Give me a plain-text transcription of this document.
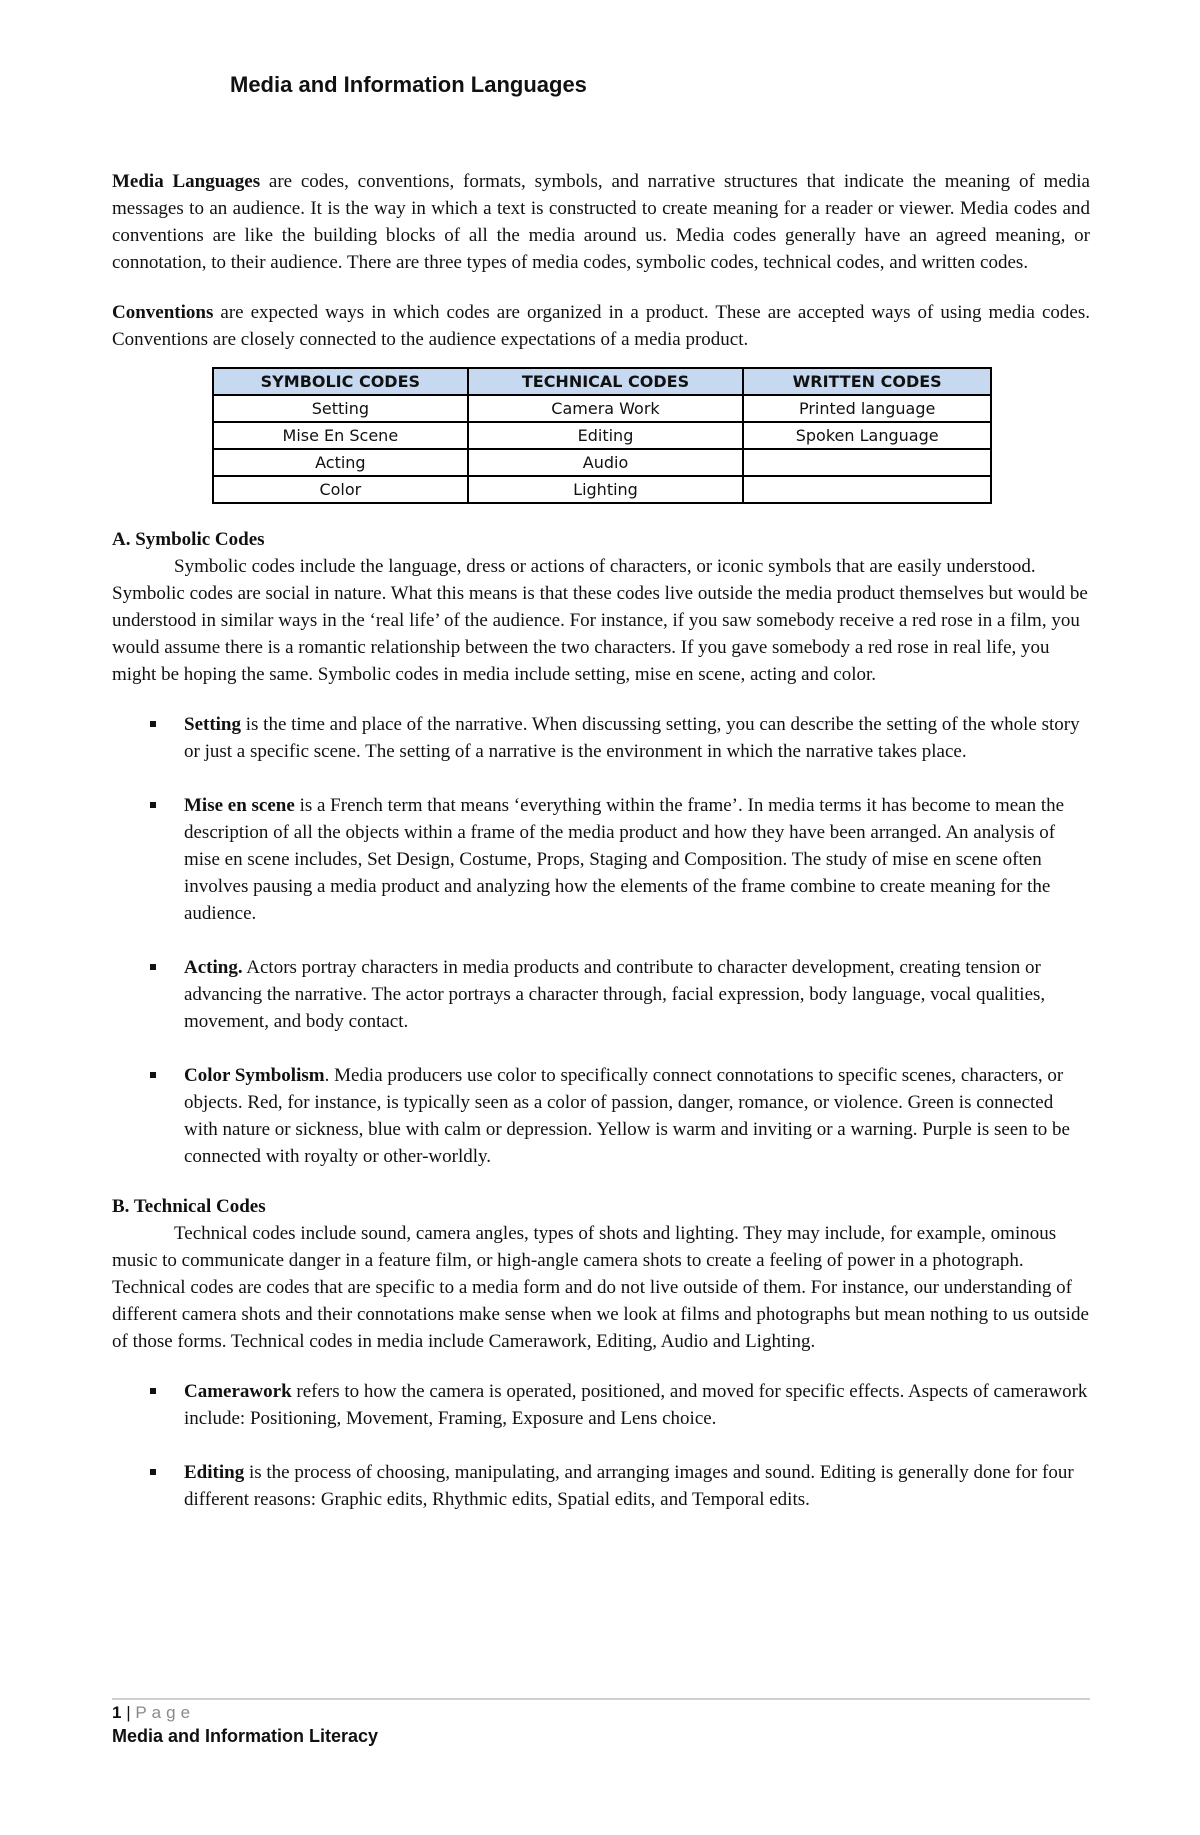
Media and Information Languages

Media Languages are codes, conventions, formats, symbols, and narrative structures that indicate the meaning of media messages to an audience. It is the way in which a text is constructed to create meaning for a reader or viewer. Media codes and conventions are like the building blocks of all the media around us. Media codes generally have an agreed meaning, or connotation, to their audience. There are three types of media codes, symbolic codes, technical codes, and written codes.

Conventions are expected ways in which codes are organized in a product. These are accepted ways of using media codes. Conventions are closely connected to the audience expectations of a media product.

SYMBOLIC CODES	TECHNICAL CODES	WRITTEN CODES
Setting	Camera Work	Printed language
Mise En Scene	Editing	Spoken Language
Acting	Audio	
Color	Lighting	

A. Symbolic Codes

Symbolic codes include the language, dress or actions of characters, or iconic symbols that are easily understood. Symbolic codes are social in nature. What this means is that these codes live outside the media product themselves but would be understood in similar ways in the ‘real life’ of the audience. For instance, if you saw somebody receive a red rose in a film, you would assume there is a romantic relationship between the two characters. If you gave somebody a red rose in real life, you might be hoping the same. Symbolic codes in media include setting, mise en scene, acting and color.

Setting is the time and place of the narrative. When discussing setting, you can describe the setting of the whole story or just a specific scene. The setting of a narrative is the environment in which the narrative takes place.
Mise en scene is a French term that means ‘everything within the frame’. In media terms it has become to mean the description of all the objects within a frame of the media product and how they have been arranged. An analysis of mise en scene includes, Set Design, Costume, Props, Staging and Composition. The study of mise en scene often involves pausing a media product and analyzing how the elements of the frame combine to create meaning for the audience.
Acting. Actors portray characters in media products and contribute to character development, creating tension or advancing the narrative. The actor portrays a character through, facial expression, body language, vocal qualities, movement, and body contact.
Color Symbolism. Media producers use color to specifically connect connotations to specific scenes, characters, or objects. Red, for instance, is typically seen as a color of passion, danger, romance, or violence. Green is connected with nature or sickness, blue with calm or depression. Yellow is warm and inviting or a warning. Purple is seen to be connected with royalty or other-worldly.

B. Technical Codes

Technical codes include sound, camera angles, types of shots and lighting. They may include, for example, ominous music to communicate danger in a feature film, or high-angle camera shots to create a feeling of power in a photograph. Technical codes are codes that are specific to a media form and do not live outside of them. For instance, our understanding of different camera shots and their connotations make sense when we look at films and photographs but mean nothing to us outside of those forms. Technical codes in media include Camerawork, Editing, Audio and Lighting.

Camerawork refers to how the camera is operated, positioned, and moved for specific effects. Aspects of camerawork include: Positioning, Movement, Framing, Exposure and Lens choice.
Editing is the process of choosing, manipulating, and arranging images and sound. Editing is generally done for four different reasons: Graphic edits, Rhythmic edits, Spatial edits, and Temporal edits.
1 | Page
Media and Information Literacy
